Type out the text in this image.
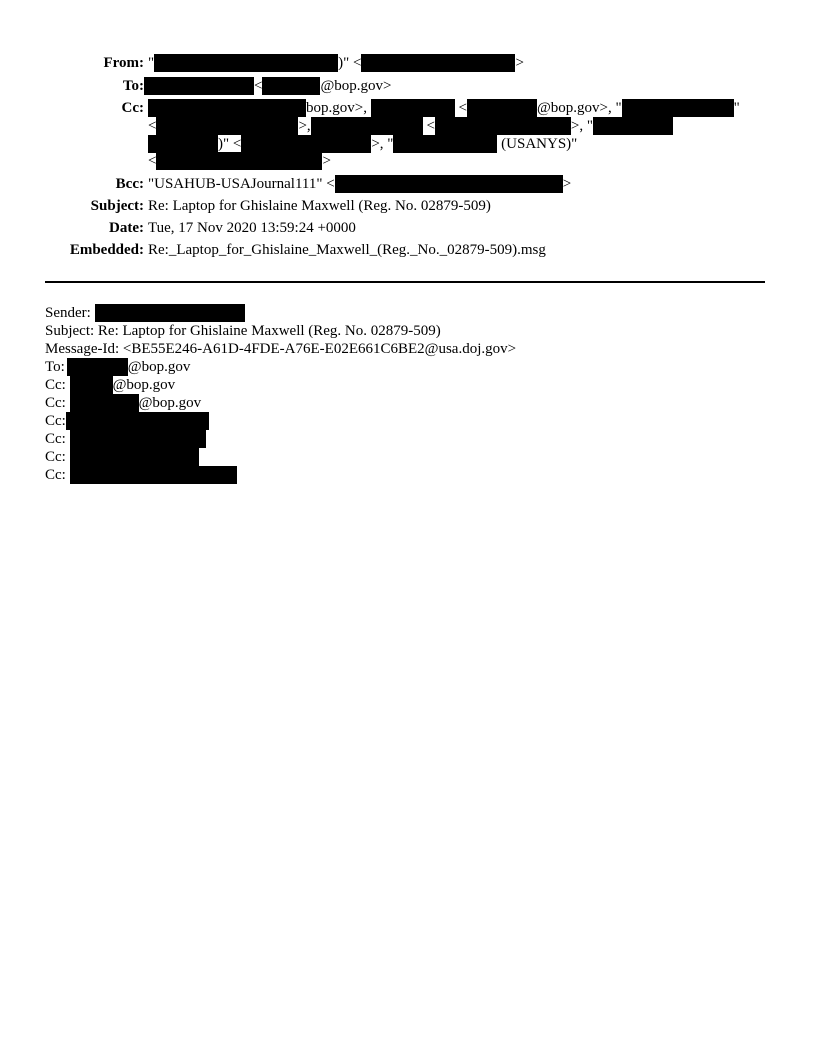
From: "	)" <	>
To:	<	@bop.gov>
Cc:	bop.gov>,	<	@bop.gov>, "	"
<	>,	<	>, "
)" <	>, "	(USANYS)"
<	>
Bcc: "USAHUB-USAJournal111" <	>
Subject: Re: Laptop for Ghislaine Maxwell (Reg. No. 02879-509)
Date: Tue, 17 Nov 2020 13:59:24 +0000
Embedded: Re:_Laptop_for_Ghislaine_Maxwell_(Reg._No._02879-509).msg
Sender:
Subject: Re: Laptop for Ghislaine Maxwell (Reg. No. 02879-509)
Message-Id: <BE55E246-A61D-4FDE-A76E-E02E661C6BE2@usa.doj.gov>
To:	@bop.gov
Cc:	@bop.gov
Cc:	@bop.gov
Cc:
Cc:
Cc:
Cc:
